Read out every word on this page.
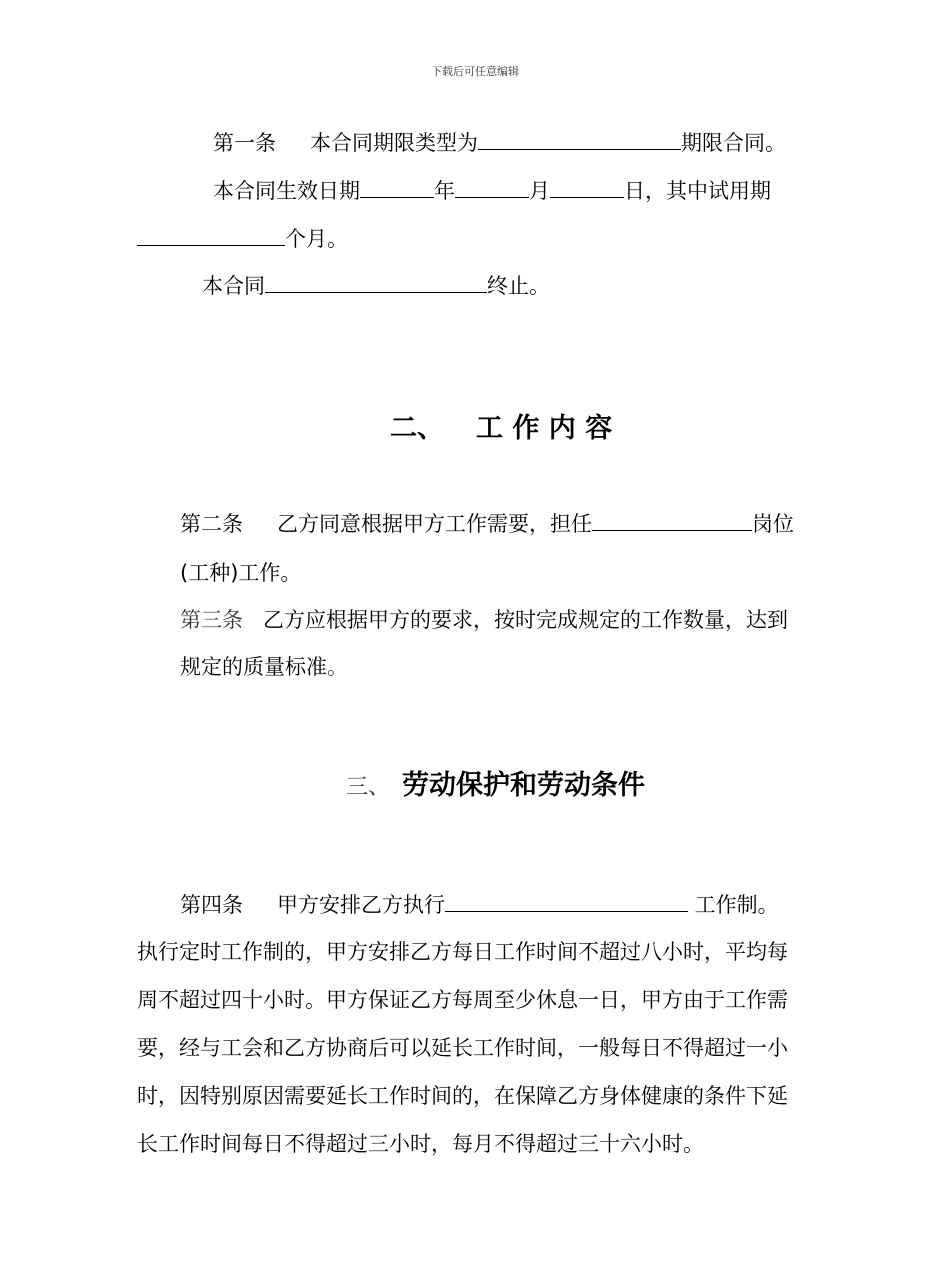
下载后可任意编辑
第一条 本合同期限类型为	期限合同。
本合同生效日期	年	月	日，其中试用期
个月。
本合同	终止。
二、 工 作 内 容
第二条 乙方同意根据甲方工作需要，担任	岗位
(工种)工作。
第三条 乙方应根据甲方的要求，按时完成规定的工作数量，达到
规定的质量标准。
三、 劳动保护和劳动条件
第四条 甲方安排乙方执行	工作制。
执行定时工作制的，甲方安排乙方每日工作时间不超过八小时，平均每
周不超过四十小时。甲方保证乙方每周至少休息一日，甲方由于工作需
要，经与工会和乙方协商后可以延长工作时间，一般每日不得超过一小
时，因特别原因需要延长工作时间的，在保障乙方身体健康的条件下延
长工作时间每日不得超过三小时，每月不得超过三十六小时。
